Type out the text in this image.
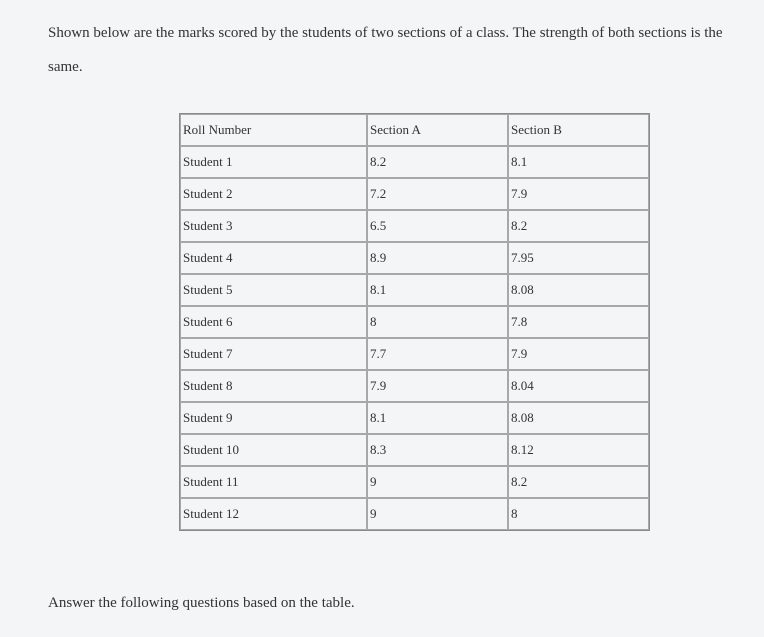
Shown below are the marks scored by the students of two sections of a class. The strength of both sections is the same.

Roll Number	Section A	Section B
Student 1	8.2	8.1
Student 2	7.2	7.9
Student 3	6.5	8.2
Student 4	8.9	7.95
Student 5	8.1	8.08
Student 6	8	7.8
Student 7	7.7	7.9
Student 8	7.9	8.04
Student 9	8.1	8.08
Student 10	8.3	8.12
Student 11	9	8.2
Student 12	9	8

Answer the following questions based on the table.
